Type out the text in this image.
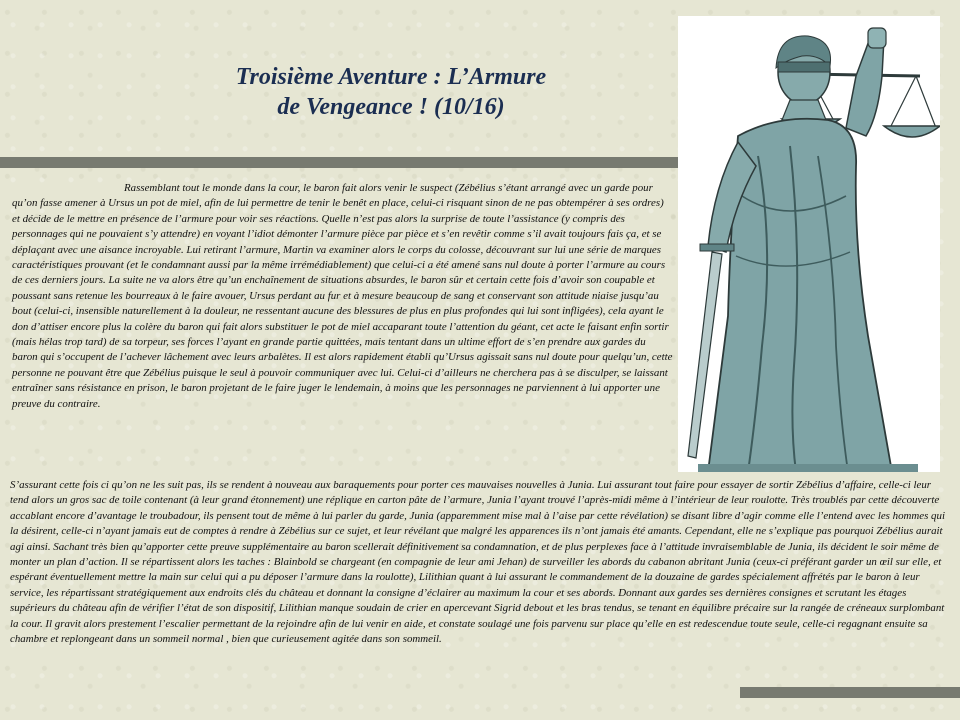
Troisième Aventure : L’Armure
de Vengeance ! (10/16)

Rassemblant tout le monde dans la cour, le baron fait alors venir le suspect (Zébélius s’étant arrangé avec un garde pour qu’on fasse amener à Ursus un pot de miel, afin de lui permettre de tenir le benêt en place, celui-ci risquant sinon de ne pas obtempérer à ses ordres) et décide de le mettre en présence de l’armure pour voir ses réactions. Quelle n’est pas alors la surprise de toute l’assistance (y compris des personnages qui ne pouvaient s’y attendre) en voyant l’idiot démonter l’armure pièce par pièce et s’en revêtir comme s’il avait toujours fais ça, et se déplaçant avec une aisance incroyable. Lui retirant l’armure, Martin va examiner alors le corps du colosse, découvrant sur lui une série de marques caractéristiques prouvant (et le condamnant aussi par la même irrémédiablement) que celui-ci a été amené sans nul doute à porter l’armure au cours de ces derniers jours. La suite ne va alors être qu’un enchaînement de situations absurdes, le baron sûr et certain cette fois d’avoir son coupable et poussant sans retenue les bourreaux à le faire avouer, Ursus perdant au fur et à mesure beaucoup de sang et conservant son attitude niaise jusqu’au bout (celui-ci, insensible naturellement à la douleur, ne ressentant aucune des blessures de plus en plus profondes qui lui sont infligées), cela ayant le don d’attiser encore plus la colère du baron qui fait alors substituer le pot de miel accaparant toute l’attention du géant, cet acte le faisant enfin sortir (mais hélas trop tard) de sa torpeur, ses forces l’ayant en grande partie quittées, mais tentant dans un ultime effort de s’en prendre aux gardes du baron qui s’occupent de l’achever lâchement avec leurs arbalètes. Il est alors rapidement établi qu’Ursus agissait sans nul doute pour quelqu’un, cette personne ne pouvant être que Zébélius puisque le seul à pouvoir communiquer avec lui. Celui-ci d’ailleurs ne cherchera pas à se disculper, se laissant entraîner sans résistance en prison, le baron projetant de le faire juger le lendemain, à moins que les personnages ne parviennent à lui apporter une preuve du contraire.

S’assurant cette fois ci qu’on ne les suit pas, ils se rendent à nouveau aux baraquements pour porter ces mauvaises nouvelles à Junia. Lui assurant tout faire pour essayer de sortir Zébélius d’affaire, celle-ci leur tend alors un gros sac de toile contenant (à leur grand étonnement) une réplique en carton pâte de l’armure, Junia l’ayant trouvé l’après-midi même à l’intérieur de leur roulotte. Très troublés par cette découverte accablant encore d’avantage le troubadour, ils pensent tout de même à lui parler du garde, Junia (apparemment mise mal à l’aise par cette révélation) se disant libre d’agir comme elle l’entend avec les hommes qui la désirent, celle-ci n’ayant jamais eut de comptes à rendre à Zébélius sur ce sujet, et leur révélant que malgré les apparences ils n’ont jamais été amants. Cependant, elle ne s’explique pas pourquoi Zébélius aurait agi ainsi. Sachant très bien qu’apporter cette preuve supplémentaire au baron scellerait définitivement sa condamnation, et de plus perplexes face à l’attitude invraisemblable de Junia, ils décident le soir même de monter un plan d’action. Il se répartissent alors les taches : Blainbold se chargeant (en compagnie de leur ami Jehan) de surveiller les abords du cabanon abritant Junia (ceux-ci préférant garder un œil sur elle, et espérant éventuellement mettre la main sur celui qui a pu déposer l’armure dans la roulotte), Lilithian quant à lui assurant le commandement de la douzaine de gardes spécialement affrétés par le baron à leur service, les répartissant stratégiquement aux endroits clés du château et donnant la consigne d’éclairer au maximum la cour et ses abords. Donnant aux gardes ses dernières consignes et scrutant les étages supérieurs du château afin de vérifier l’état de son dispositif, Lilithian manque soudain de crier en apercevant Sigrid debout et les bras tendus, se tenant en équilibre précaire sur la rangée de créneaux surplombant la cour. Il gravit alors prestement l’escalier permettant de la rejoindre afin de lui venir en aide, et constate soulagé une fois parvenu sur place qu’elle en est redescendue toute seule, celle-ci regagnant ensuite sa chambre et replongeant dans un sommeil normal , bien que curieusement agitée dans son sommeil.
